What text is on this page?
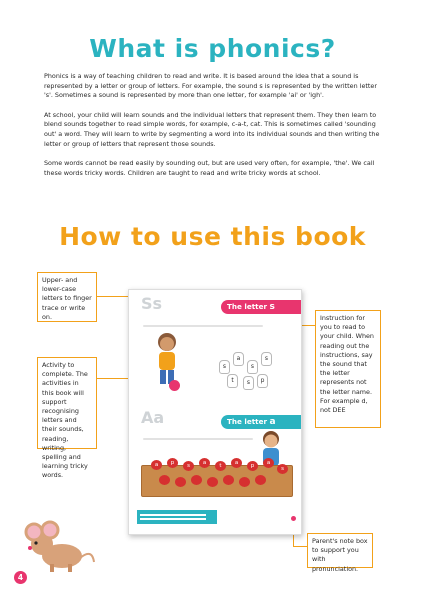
What is phonics?

Phonics is a way of teaching children to read and write. It is based around the idea that a sound is represented by a letter or group of letters. For example, the sound s is represented by the written letter 's'. Sometimes a sound is represented by more than one letter, for example 'ai' or 'igh'.

At school, your child will learn sounds and the individual letters that represent them. They then learn to blend sounds together to read simple words, for example, c-a-t, cat. This is sometimes called 'sounding out' a word. They will learn to write by segmenting a word into its individual sounds and then writing the letter or group of letters that represent those sounds.

Some words cannot be read easily by sounding out, but are used very often, for example, 'the'. We call these words tricky words. Children are taught to read and write tricky words at school.

How to use this book
Upper- and lower-case letters to finger trace or write on.
Activity to complete. The activities in this book will support recognising letters and their sounds, reading, writing, spelling and learning tricky words.
Instruction for you to read to your child. When reading out the instructions, say the sound that the letter represents not the letter name. For example d, not DEE
Parent's note box to support you with pronunciation.
Ss	The letter s
s
a
s
s
t	s	p
Aa	The letter a
a	p	s	a	t	a	p	a
s
4
